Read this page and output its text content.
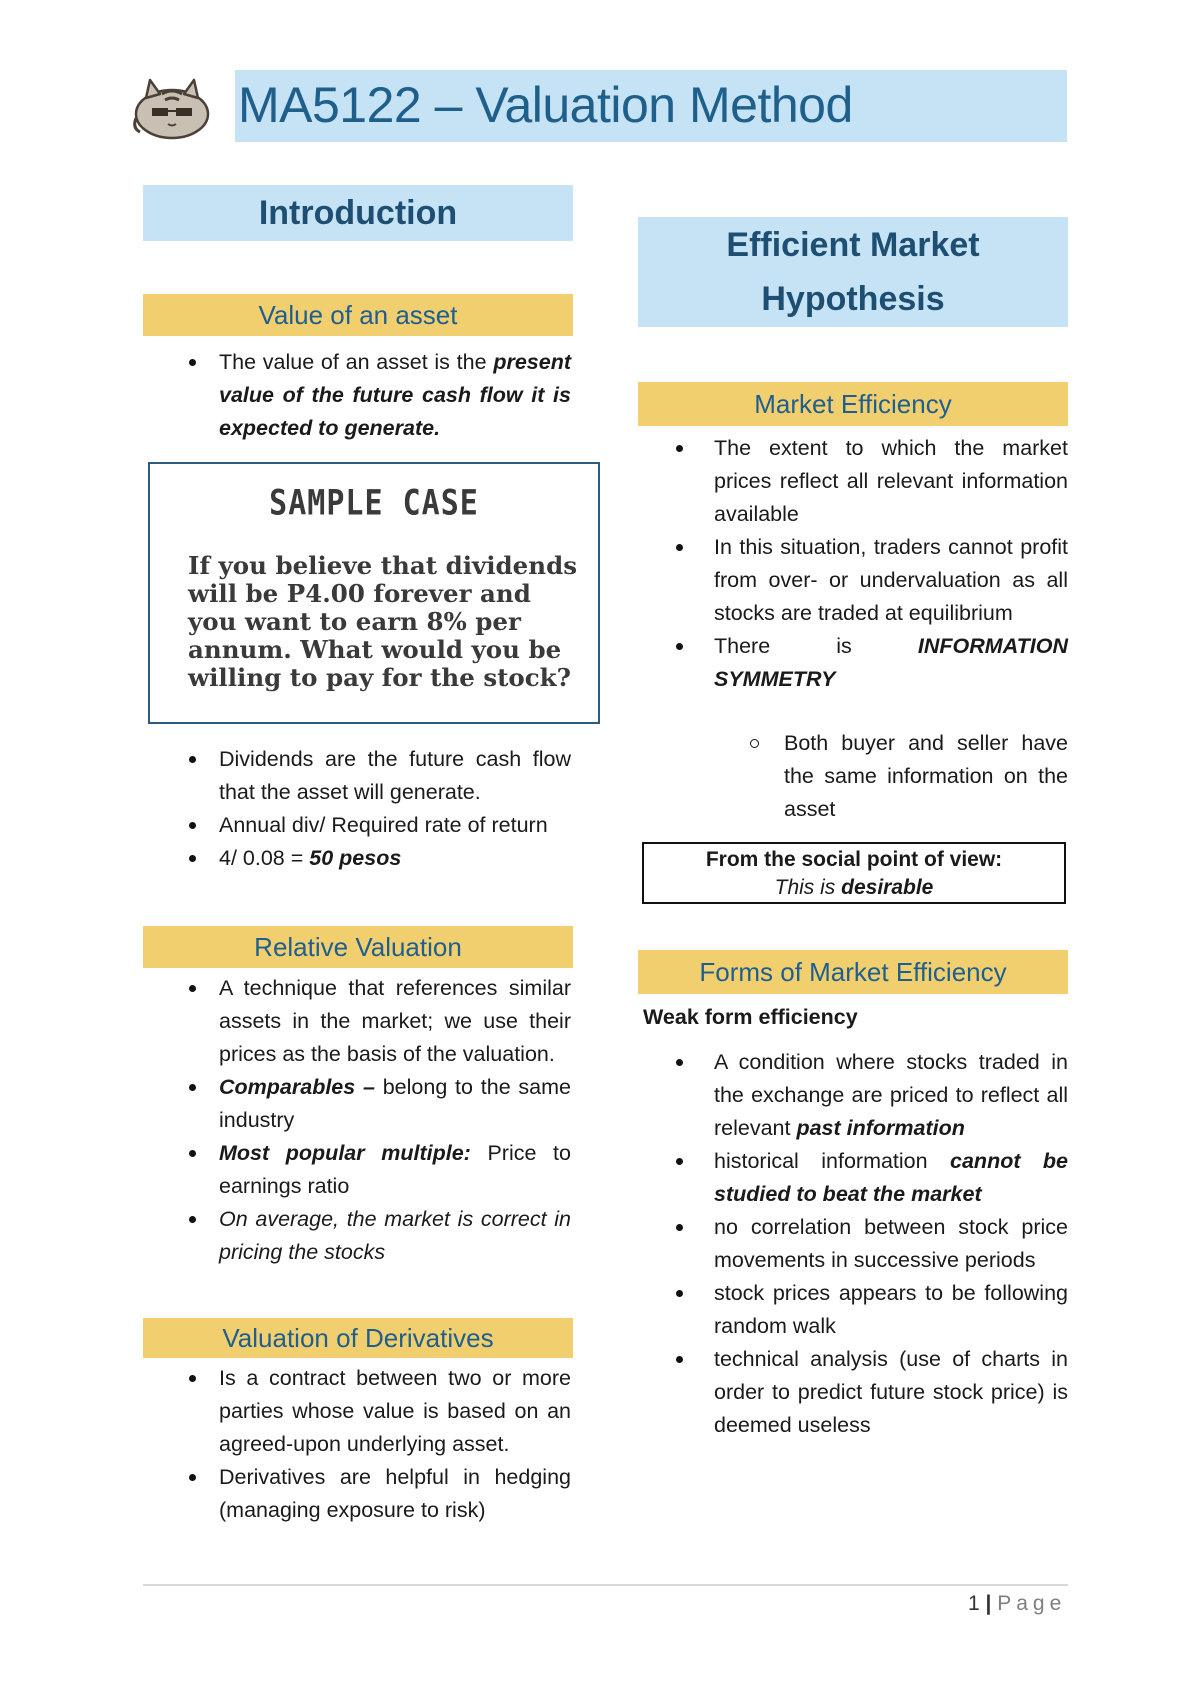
MA5122 – Valuation Method
Introduction
Value of an asset
The value of an asset is the present value of the future cash flow it is expected to generate.
SAMPLE CASE
If you believe that dividends will be P4.00 forever and you want to earn 8% per annum. What would you be willing to pay for the stock?
Dividends are the future cash flow that the asset will generate.
Annual div/ Required rate of return
4/ 0.08 = 50 pesos
Relative Valuation
A technique that references similar assets in the market; we use their prices as the basis of the valuation.
Comparables – belong to the same industry
Most popular multiple: Price to earnings ratio
On average, the market is correct in pricing the stocks
Valuation of Derivatives
Is a contract between two or more parties whose value is based on an agreed-upon underlying asset.
Derivatives are helpful in hedging (managing exposure to risk)
Efficient Market
Hypothesis
Market Efficiency
The extent to which the market prices reflect all relevant information available
In this situation, traders cannot profit from over- or undervaluation as all stocks are traded at equilibrium
There is INFORMATION SYMMETRY
Both buyer and seller have the same information on the asset
From the social point of view:
This is desirable
Forms of Market Efficiency
Weak form efficiency
A condition where stocks traded in the exchange are priced to reflect all relevant past information
historical information cannot be studied to beat the market
no correlation between stock price movements in successive periods
stock prices appears to be following random walk
technical analysis (use of charts in order to predict future stock price) is deemed useless
1 | Page
